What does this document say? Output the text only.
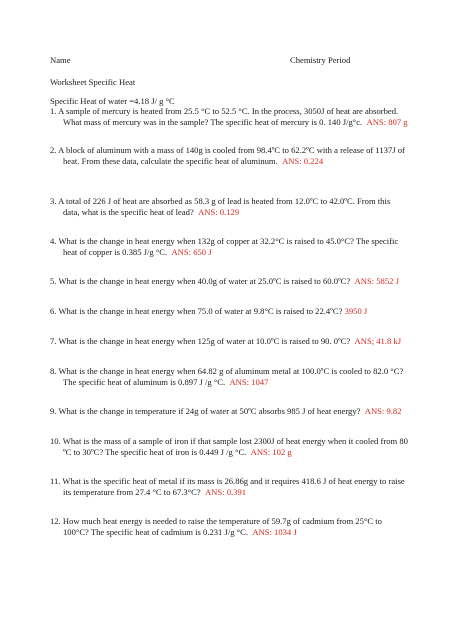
Name	Chemistry Period
Worksheet Specific Heat
Specific Heat of water =4.18 J/ g °C
1. A sample of mercury is heated from 25.5 °C to 52.5 °C. In the process, 3050J of heat are absorbed.
What mass of mercury was in the sample? The specific heat of mercury is 0. 140 J/g°c. ANS: 807 g
2. A block of aluminum with a mass of 140g is cooled from 98.4ºC to 62.2ºC with a release of 1137J of
heat. From these data, calculate the specific heat of aluminum. ANS: 0.224
3. A total of 226 J of heat are absorbed as 58.3 g of lead is heated from 12.0ºC to 42.0ºC. From this
data, what is the specific heat of lead? ANS: 0.129
4. What is the change in heat energy when 132g of copper at 32.2°C is raised to 45.0°C? The specific
heat of copper is 0.385 J/g °C. ANS: 650 J
5. What is the change in heat energy when 40.0g of water at 25.0ºC is raised to 60.0ºC? ANS: 5852 J
6. What is the change in heat energy when 75.0 of water at 9.8°C is raised to 22.4ºC? 3950 J
7. What is the change in heat energy when 125g of water at 10.0ºC is raised to 90. 0ºC? ANS; 41.8 kJ
8. What is the change in heat energy when 64.82 g of aluminum metal at 100.0ºC is cooled to 82.0 °C?
The specific heat of aluminum is 0.897 J /g °C. ANS: 1047
9. What is the change in temperature if 24g of water at 50ºC absorbs 985 J of heat energy? ANS: 9.82
10. What is the mass of a sample of iron if that sample lost 2300J of heat energy when it cooled from 80
ºC to 30ºC? The specific heat of iron is 0.449 J /g °C. ANS: 102 g
11. What is the specific heat of metal if its mass is 26.86g and it requires 418.6 J of heat energy to raise
its temperature from 27.4 °C to 67.3°C? ANS: 0.391
12. How much heat energy is needed to raise the temperature of 59.7g of cadmium from 25°C to
100°C? The specific heat of cadmium is 0.231 J/g °C. ANS: 1034 J
